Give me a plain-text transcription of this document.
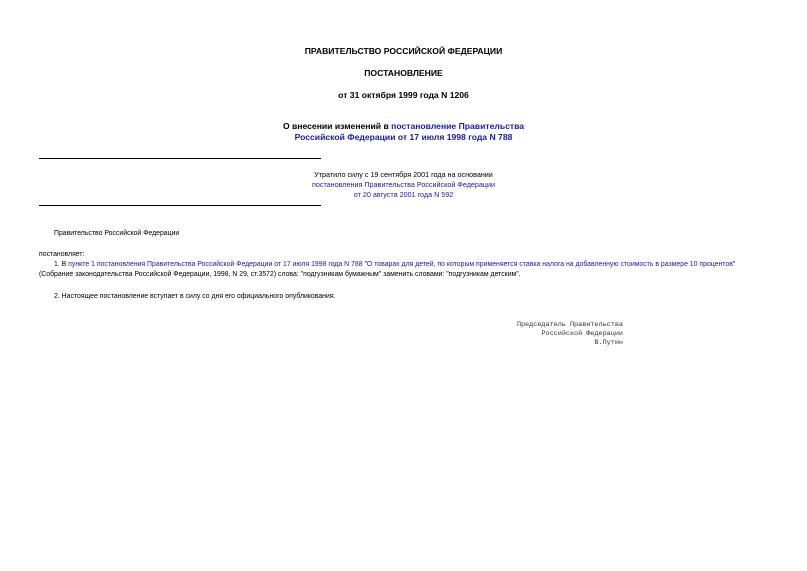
ПРАВИТЕЛЬСТВО РОССИЙСКОЙ ФЕДЕРАЦИИ
ПОСТАНОВЛЕНИЕ
от 31 октября 1999 года N 1206
О внесении изменений в постановление Правительства
Российской Федерации от 17 июля 1998 года N 788
Утратило силу с 19 сентября 2001 года на основании
постановления Правительства Российской Федерации
от 20 августа 2001 года N 592
Правительство Российской Федерации
постановляет:
1. В пункте 1 постановления Правительства Российской Федерации от 17 июля 1998 года N 788 "О товарах для детей, по которым применяется ставка налога на добавленную стоимость в размере 10 процентов"
(Собрание законодательства Российской Федерации, 1998, N 29, ст.3572) слова: "подгузникам бумажным" заменить словами: "подгузникам детским".
2. Настоящее постановление вступает в силу со дня его официального опубликования.
Председатель Правительства
Российской Федерации
В.Путин
